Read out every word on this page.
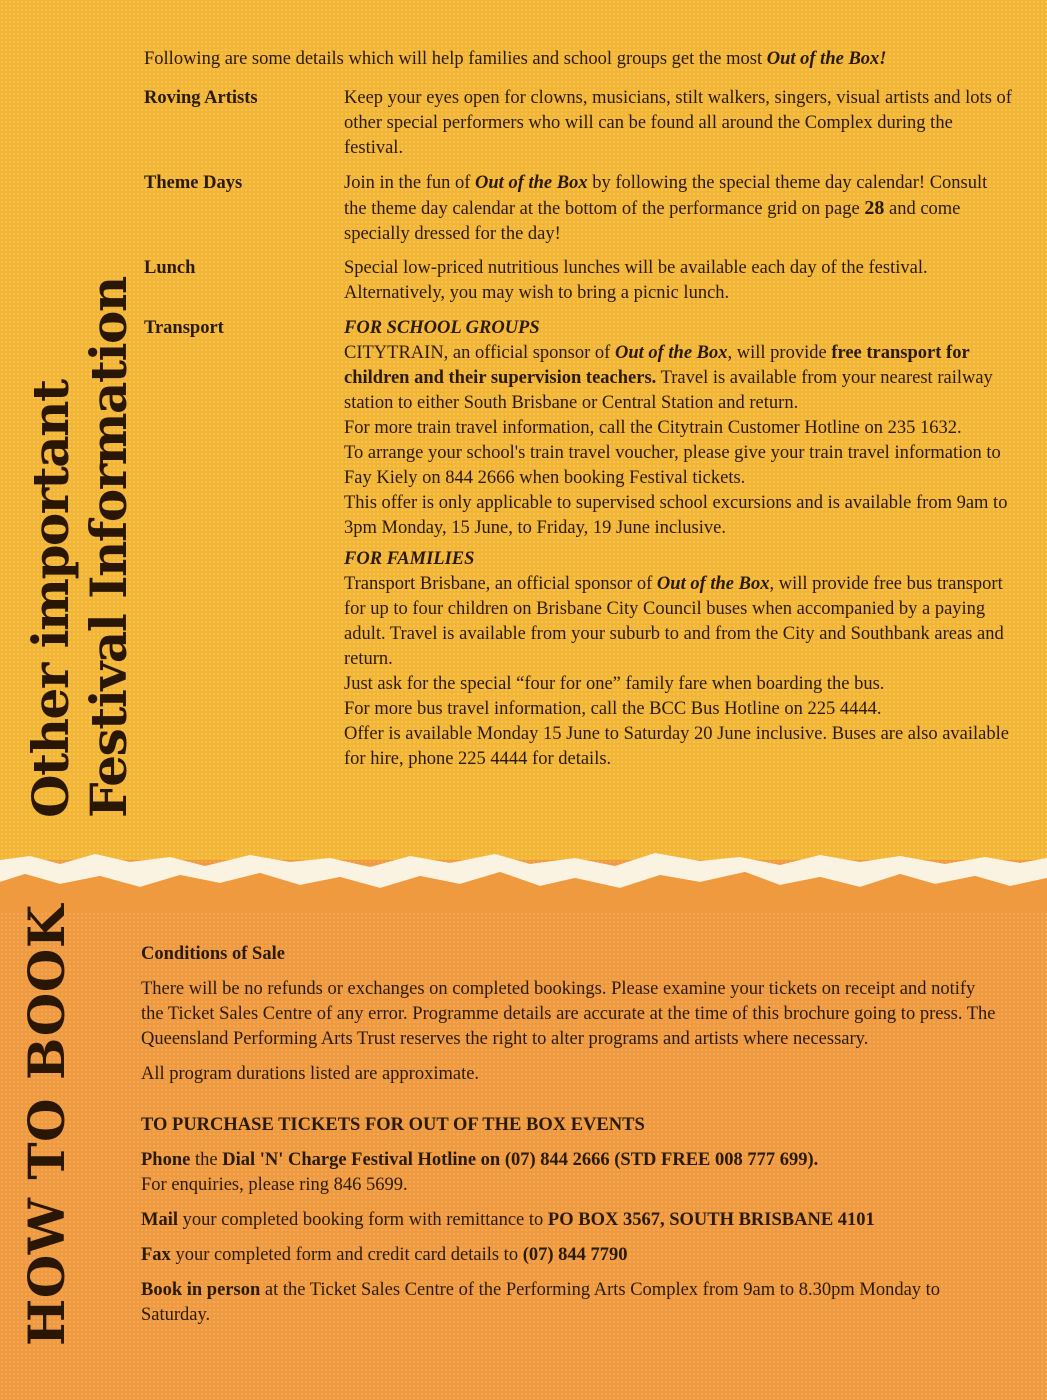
Other important Festival Information
HOW TO BOOK
Following are some details which will help families and school groups get the most Out of the Box!
Roving Artists	Keep your eyes open for clowns, musicians, stilt walkers, singers, visual artists and lots of other special performers who will can be found all around the Complex during the festival.
Theme Days	Join in the fun of Out of the Box by following the special theme day calendar! Consult the theme day calendar at the bottom of the performance grid on page 28 and come specially dressed for the day!
Lunch	Special low-priced nutritious lunches will be available each day of the festival. Alternatively, you may wish to bring a picnic lunch.
Transport	FOR SCHOOL GROUPS
CITYTRAIN, an official sponsor of Out of the Box, will provide free transport for children and their supervision teachers. Travel is available from your nearest railway station to either South Brisbane or Central Station and return.
For more train travel information, call the Citytrain Customer Hotline on 235 1632.
To arrange your school's train travel voucher, please give your train travel information to Fay Kiely on 844 2666 when booking Festival tickets.
This offer is only applicable to supervised school excursions and is available from 9am to 3pm Monday, 15 June, to Friday, 19 June inclusive.
FOR FAMILIES
Transport Brisbane, an official sponsor of Out of the Box, will provide free bus transport for up to four children on Brisbane City Council buses when accompanied by a paying adult. Travel is available from your suburb to and from the City and Southbank areas and return.
Just ask for the special “four for one” family fare when boarding the bus.
For more bus travel information, call the BCC Bus Hotline on 225 4444.
Offer is available Monday 15 June to Saturday 20 June inclusive. Buses are also available for hire, phone 225 4444 for details.

Conditions of Sale

There will be no refunds or exchanges on completed bookings. Please examine your tickets on receipt and notify the Ticket Sales Centre of any error. Programme details are accurate at the time of this brochure going to press. The Queensland Performing Arts Trust reserves the right to alter programs and artists where necessary.

All program durations listed are approximate.

TO PURCHASE TICKETS FOR OUT OF THE BOX EVENTS

Phone the Dial 'N' Charge Festival Hotline on (07) 844 2666 (STD FREE 008 777 699).

For enquiries, please ring 846 5699.

Mail your completed booking form with remittance to PO BOX 3567, SOUTH BRISBANE 4101

Fax your completed form and credit card details to (07) 844 7790

Book in person at the Ticket Sales Centre of the Performing Arts Complex from 9am to 8.30pm Monday to Saturday.
